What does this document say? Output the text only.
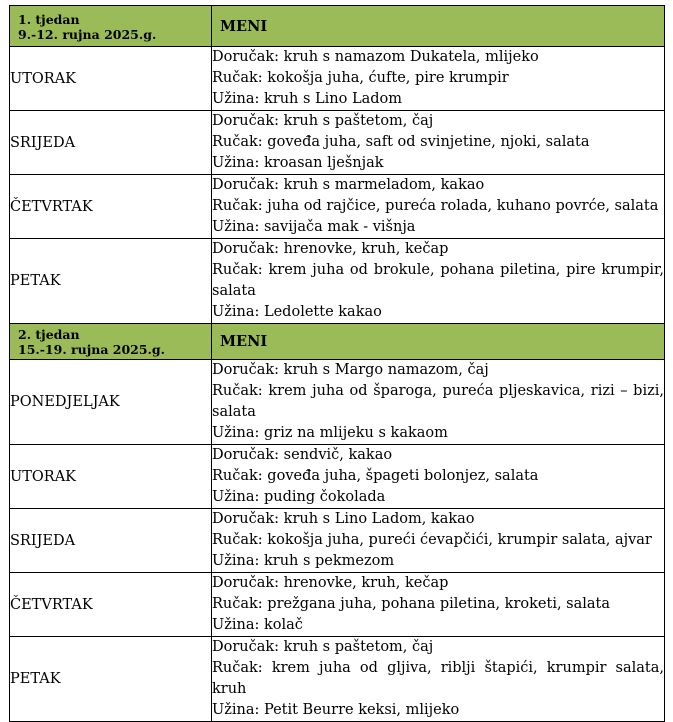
1. tjedan
9.-12. rujna 2025.g.	MENI

UTORAK	Doručak: kruh s namazom Dukatela, mlijeko
Ručak: kokošja juha, ćufte, pire krumpir
Užina: kruh s Lino Ladom

SRIJEDA	Doručak: kruh s paštetom, čaj
Ručak: goveđa juha, saft od svinjetine, njoki, salata
Užina: kroasan lješnjak

ČETVRTAK	Doručak: kruh s marmeladom, kakao
Ručak: juha od rajčice, pureća rolada, kuhano povrće, salata
Užina: savijača mak - višnja

PETAK	Doručak: hrenovke, kruh, kečap
Ručak: krem juha od brokule, pohana piletina, pire krumpir, salata
Užina: Ledolette kakao

2. tjedan
15.-19. rujna 2025.g.	MENI

PONEDJELJAK	Doručak: kruh s Margo namazom, čaj
Ručak: krem juha od šparoga, pureća pljeskavica, rizi – bizi, salata
Užina: griz na mlijeku s kakaom

UTORAK	Doručak: sendvič, kakao
Ručak: goveđa juha, špageti bolonjez, salata
Užina: puding čokolada

SRIJEDA	Doručak: kruh s Lino Ladom, kakao
Ručak: kokošja juha, pureći ćevapčići, krumpir salata, ajvar
Užina: kruh s pekmezom

ČETVRTAK	Doručak: hrenovke, kruh, kečap
Ručak: prežgana juha, pohana piletina, kroketi, salata
Užina: kolač

PETAK	Doručak: kruh s paštetom, čaj
Ručak: krem juha od gljiva, riblji štapići, krumpir salata, kruh
Užina: Petit Beurre keksi, mlijeko
